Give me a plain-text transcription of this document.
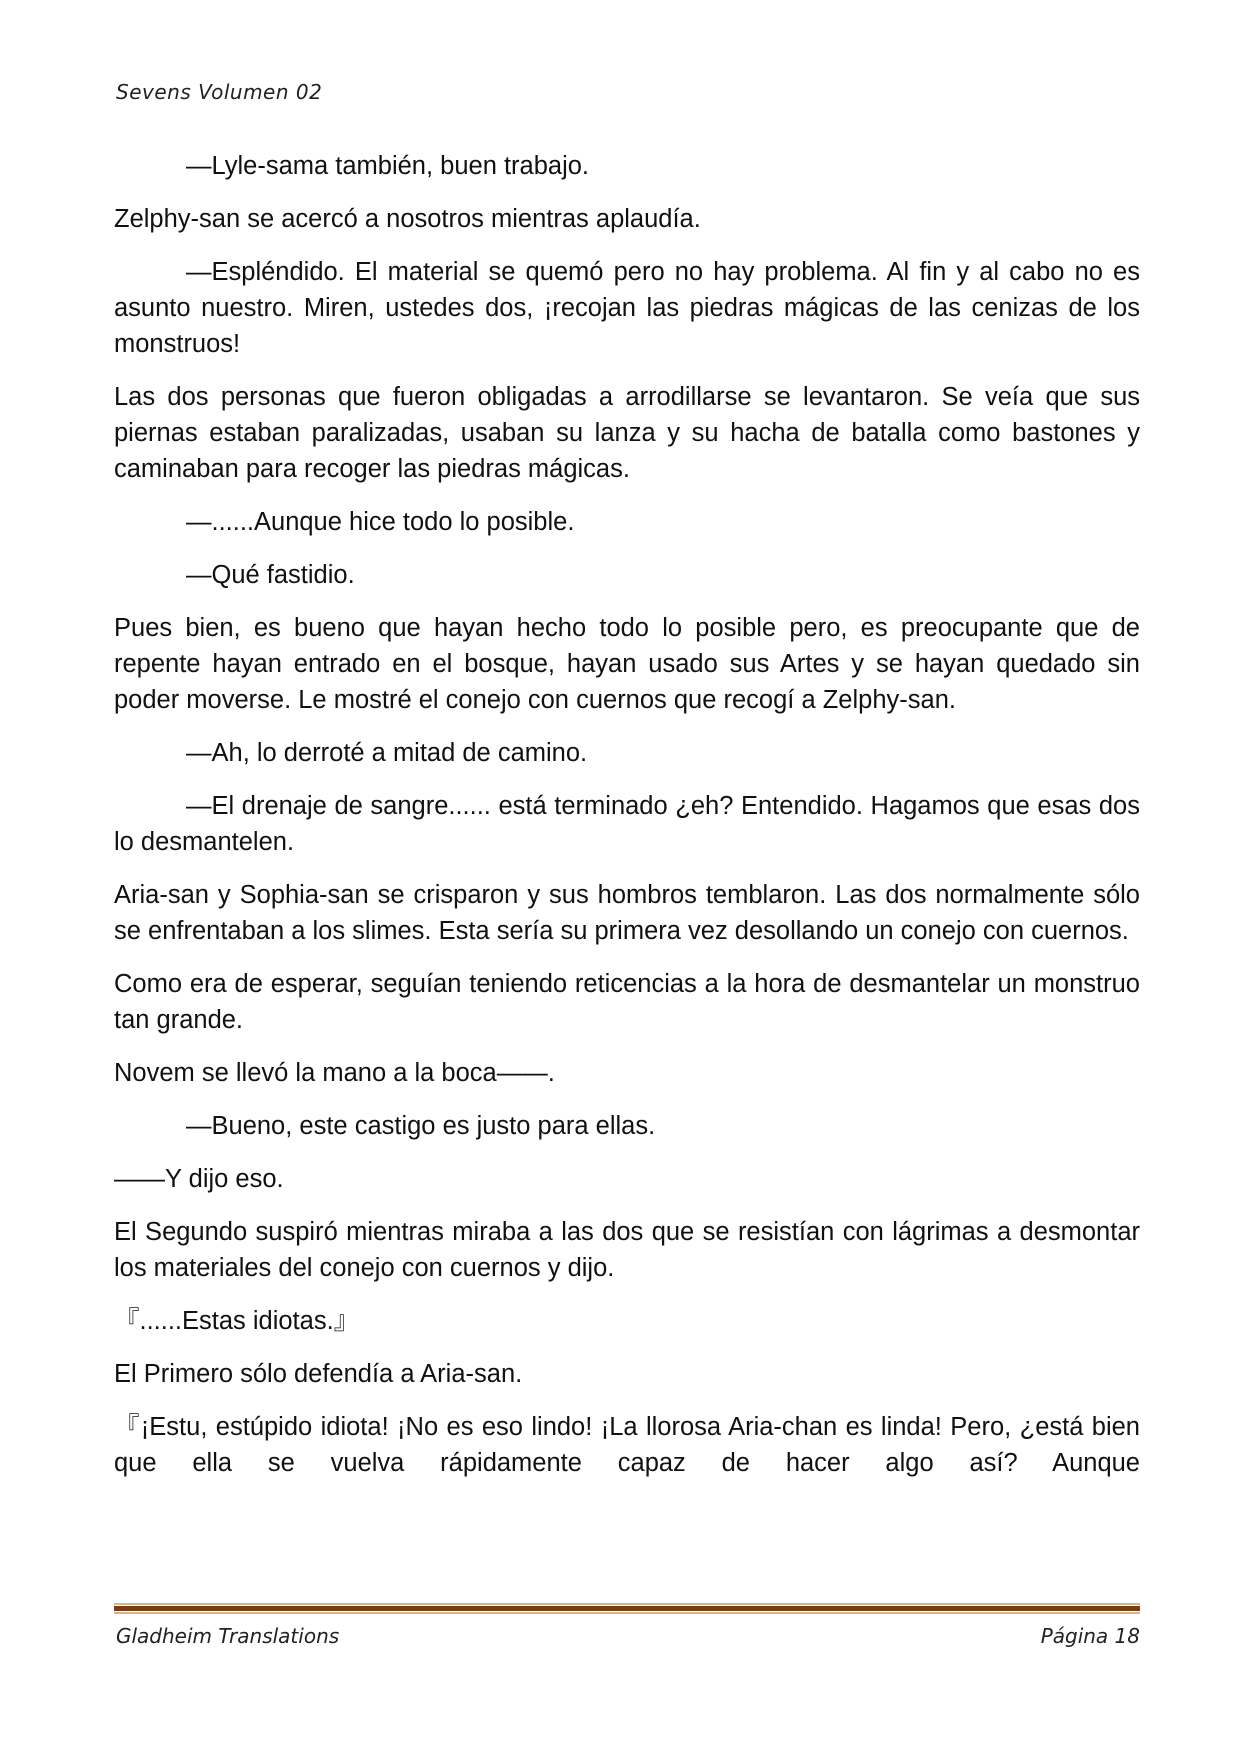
Sevens Volumen 02

—Lyle-sama también, buen trabajo.

Zelphy-san se acercó a nosotros mientras aplaudía.

—Espléndido. El material se quemó pero no hay problema. Al fin y al cabo no es asunto nuestro. Miren, ustedes dos, ¡recojan las piedras mágicas de las cenizas de los monstruos!

Las dos personas que fueron obligadas a arrodillarse se levantaron. Se veía que sus piernas estaban paralizadas, usaban su lanza y su hacha de batalla como bastones y caminaban para recoger las piedras mágicas.

—......Aunque hice todo lo posible.

—Qué fastidio.

Pues bien, es bueno que hayan hecho todo lo posible pero, es preocupante que de repente hayan entrado en el bosque, hayan usado sus Artes y se hayan quedado sin poder moverse. Le mostré el conejo con cuernos que recogí a Zelphy-san.

—Ah, lo derroté a mitad de camino.

—El drenaje de sangre...... está terminado ¿eh? Entendido. Hagamos que esas dos lo desmantelen.

Aria-san y Sophia-san se crisparon y sus hombros temblaron. Las dos normalmente sólo se enfrentaban a los slimes. Esta sería su primera vez desollando un conejo con cuernos.

Como era de esperar, seguían teniendo reticencias a la hora de desmantelar un monstruo tan grande.

Novem se llevó la mano a la boca——.

—Bueno, este castigo es justo para ellas.

——Y dijo eso.

El Segundo suspiró mientras miraba a las dos que se resistían con lágrimas a desmontar los materiales del conejo con cuernos y dijo.

『......Estas idiotas.』

El Primero sólo defendía a Aria-san.

『¡Estu, estúpido idiota! ¡No es eso lindo! ¡La llorosa Aria-chan es linda! Pero, ¿está bien que ella se vuelva rápidamente capaz de hacer algo así? Aunque

Gladheim Translations	Página 18
